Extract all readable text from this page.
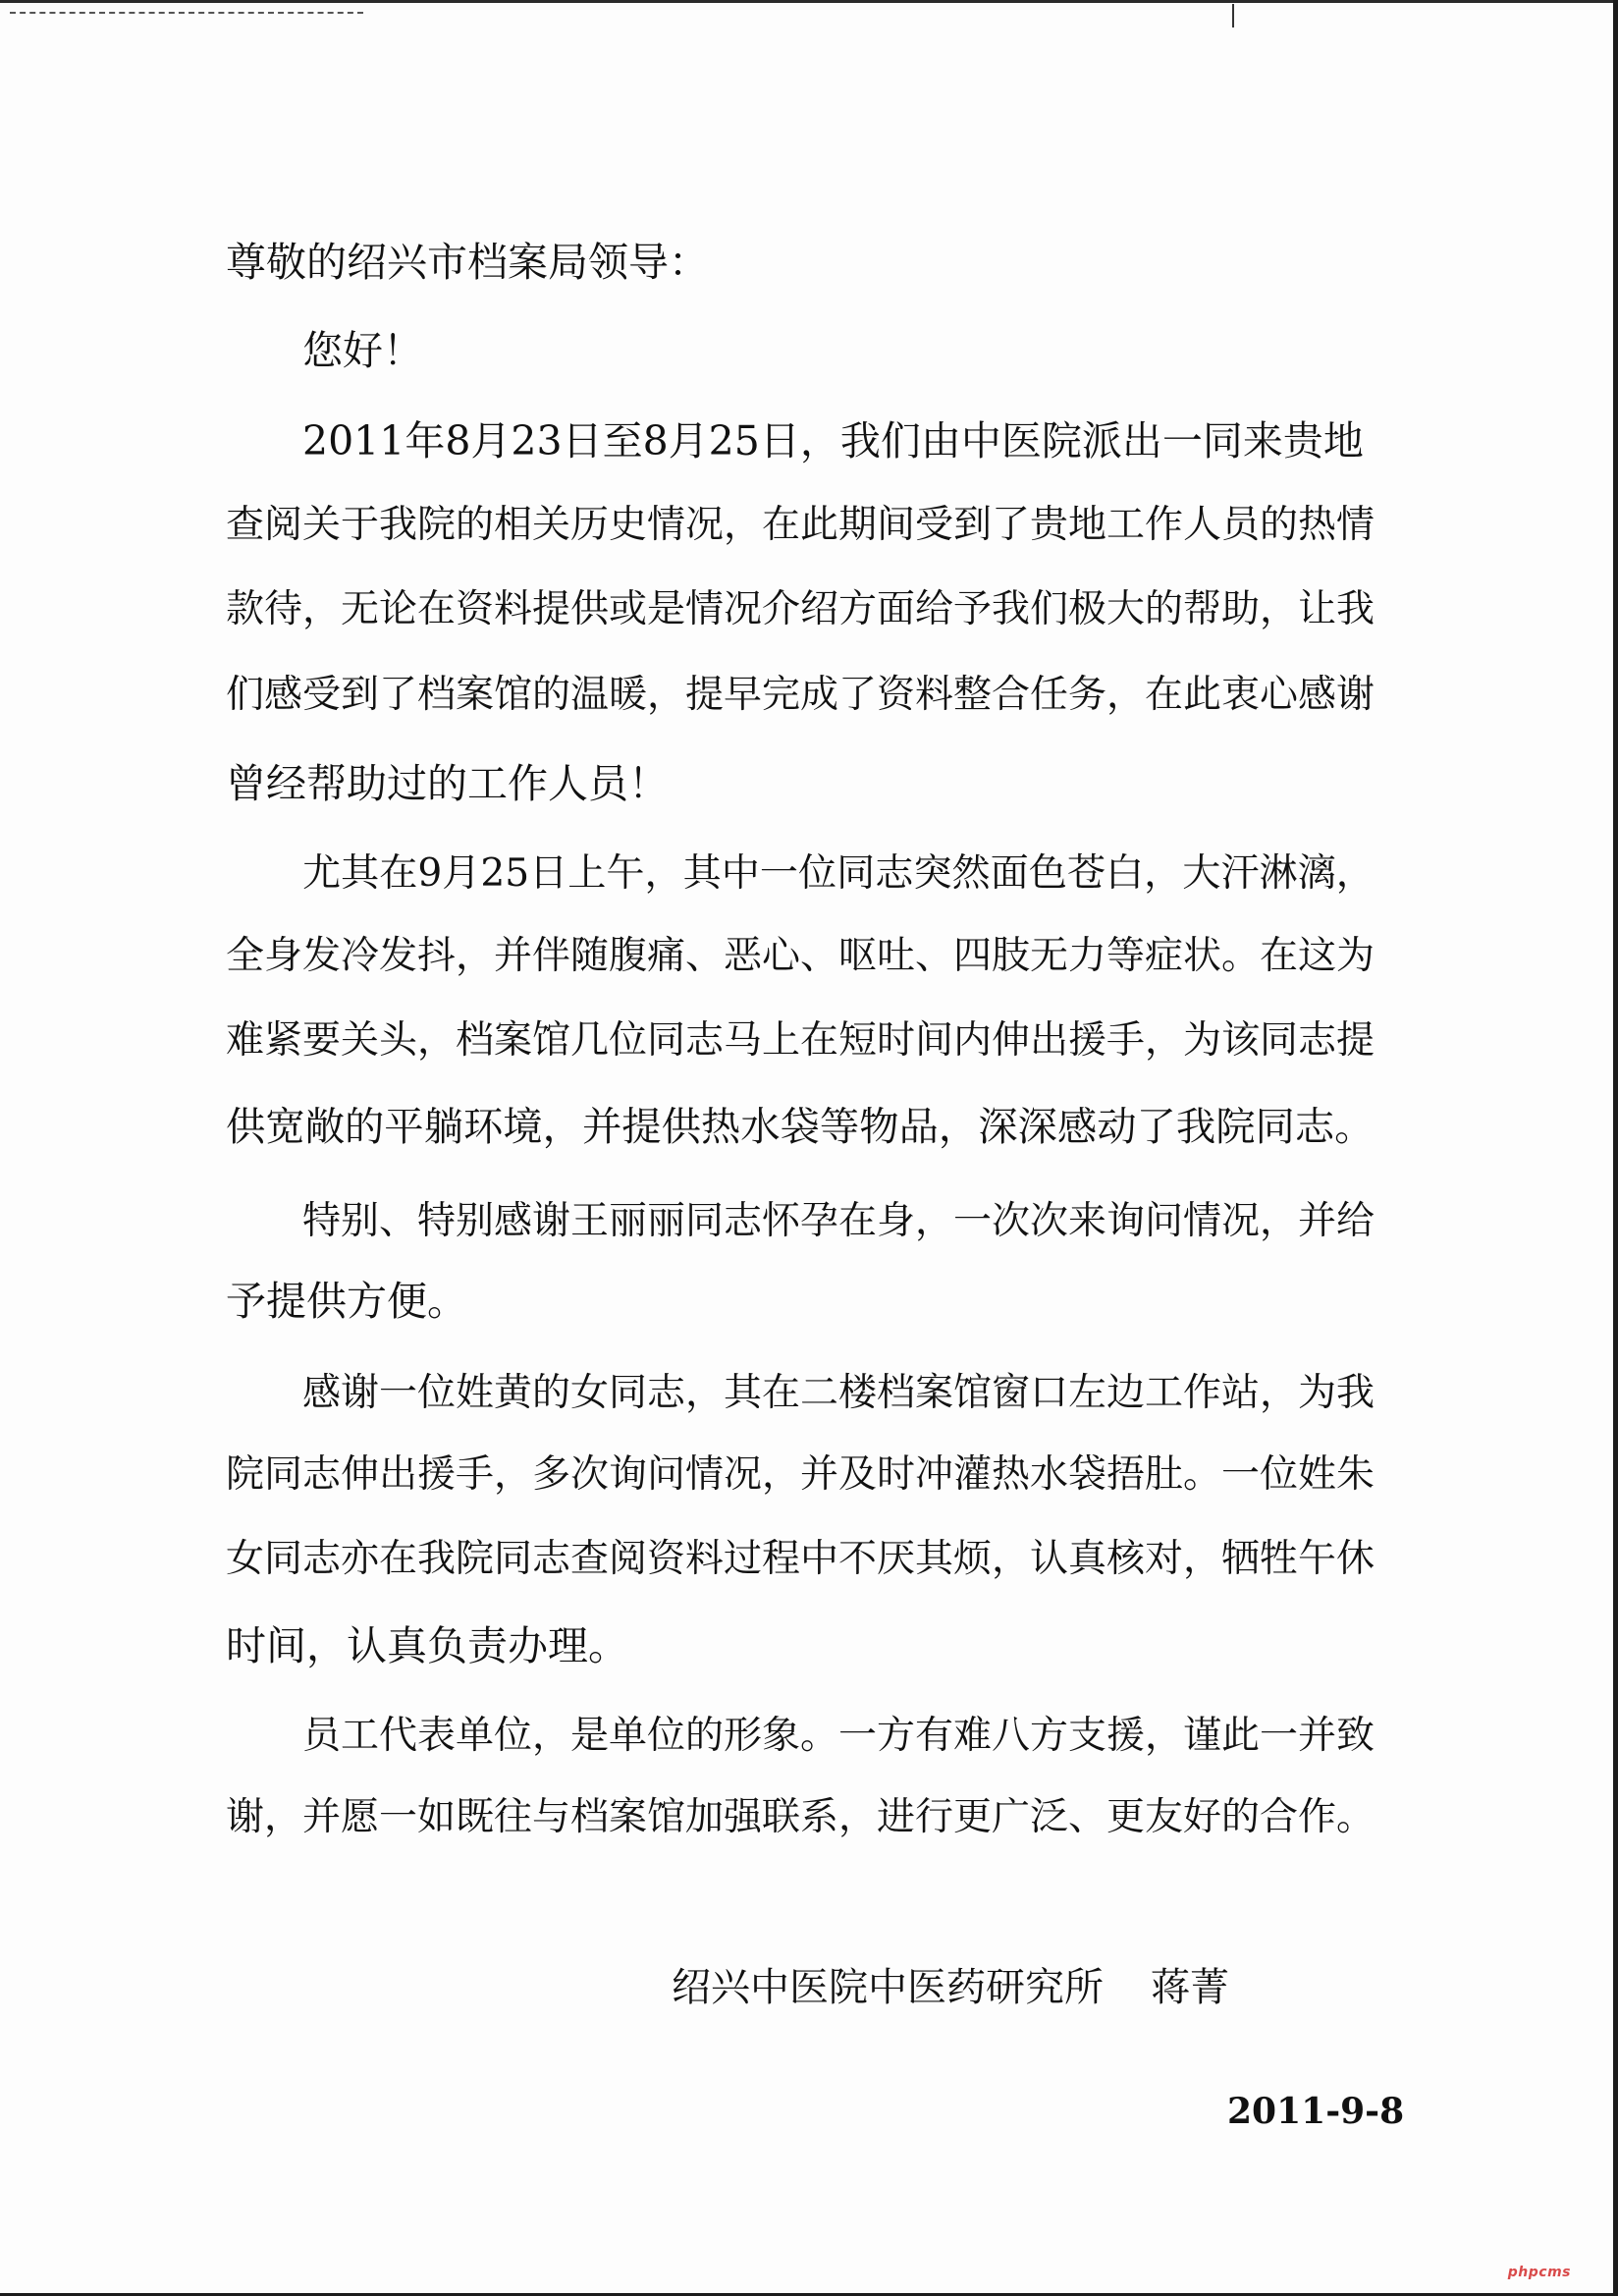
尊敬的绍兴市档案局领导：

您好！

2011年8月23日至8月25日，我们由中医院派出一同来贵地

查阅关于我院的相关历史情况，在此期间受到了贵地工作人员的热情

款待，无论在资料提供或是情况介绍方面给予我们极大的帮助，让我

们感受到了档案馆的温暖，提早完成了资料整合任务，在此衷心感谢

曾经帮助过的工作人员！

尤其在9月25日上午，其中一位同志突然面色苍白，大汗淋漓，

全身发冷发抖，并伴随腹痛、恶心、呕吐、四肢无力等症状。在这为

难紧要关头，档案馆几位同志马上在短时间内伸出援手，为该同志提

供宽敞的平躺环境，并提供热水袋等物品，深深感动了我院同志。

特别、特别感谢王丽丽同志怀孕在身，一次次来询问情况，并给

予提供方便。

感谢一位姓黄的女同志，其在二楼档案馆窗口左边工作站，为我

院同志伸出援手，多次询问情况，并及时冲灌热水袋捂肚。一位姓朱

女同志亦在我院同志查阅资料过程中不厌其烦，认真核对，牺牲午休

时间，认真负责办理。

员工代表单位，是单位的形象。一方有难八方支援，谨此一并致

谢，并愿一如既往与档案馆加强联系，进行更广泛、更友好的合作。

绍兴中医院中医药研究所 蒋菁
2011-9-8
phpcms
